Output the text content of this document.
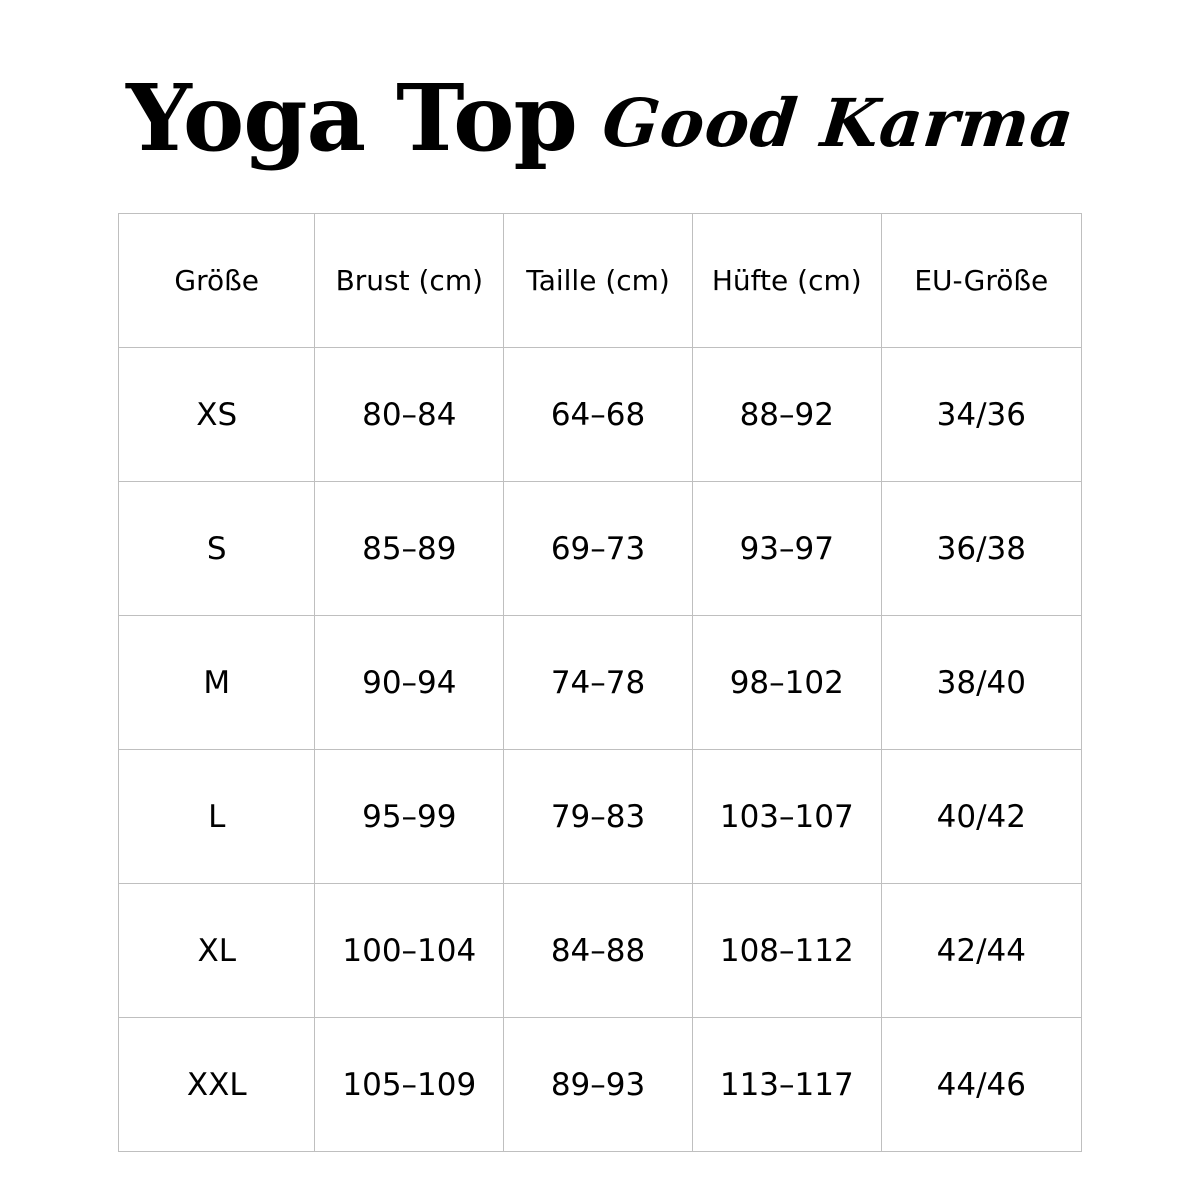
Yoga Top Good Karma
Größe	Brust (cm)	Taille (cm)	Hüfte (cm)	EU-Größe
XS	80–84	64–68	88–92	34/36
S	85–89	69–73	93–97	36/38
M	90–94	74–78	98–102	38/40
L	95–99	79–83	103–107	40/42
XL	100–104	84–88	108–112	42/44
XXL	105–109	89–93	113–117	44/46
